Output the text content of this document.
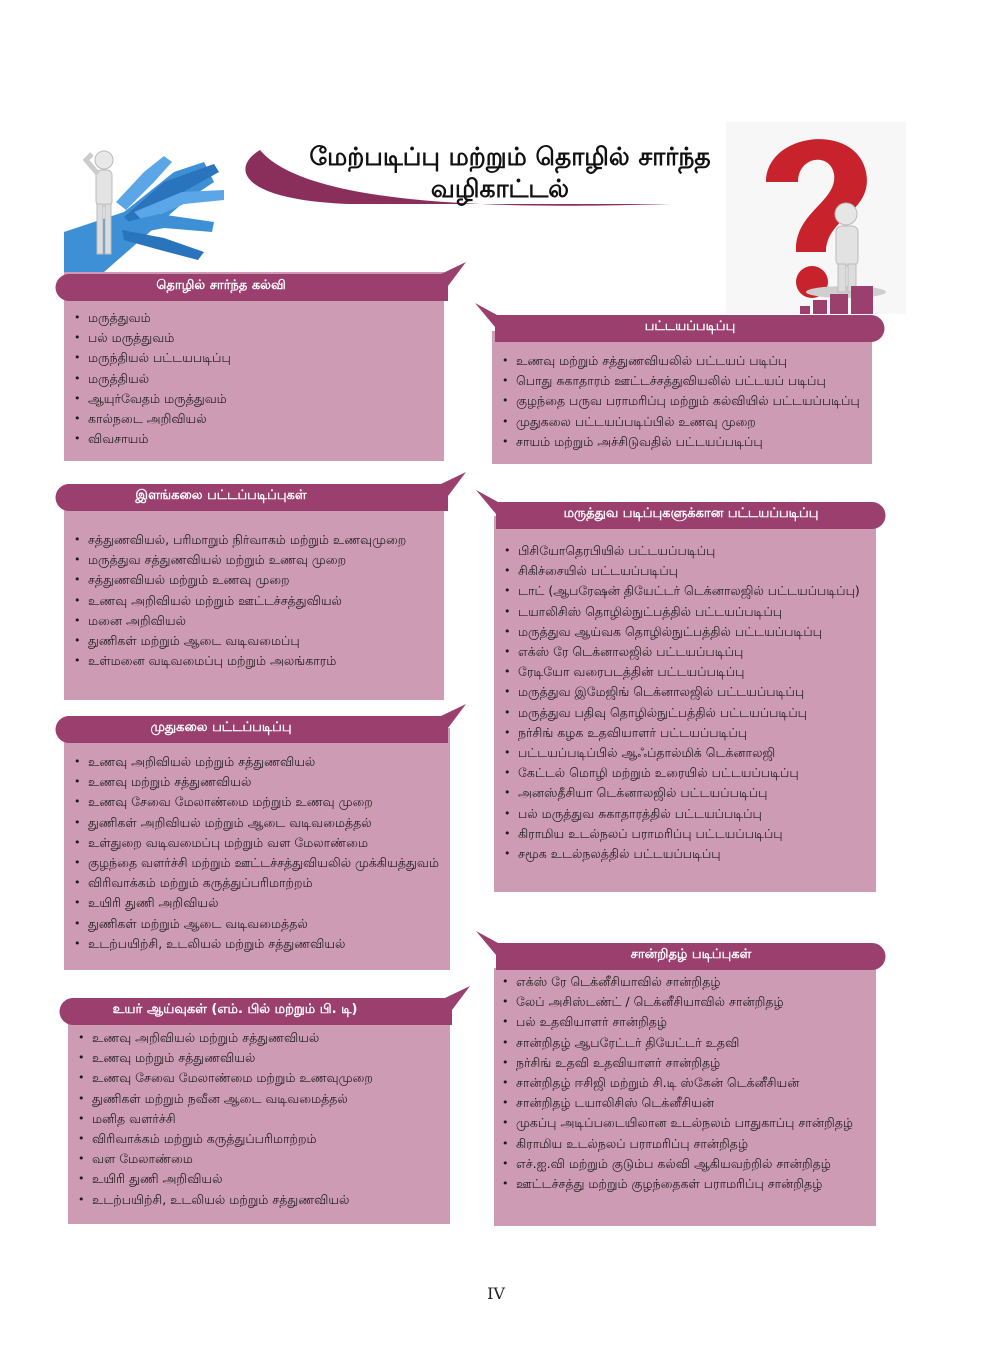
மேற்படிப்பு மற்றும் தொழில் சார்ந்த
வழிகாட்டல்
• மருத்துவம்
• பல் மருத்துவம்
• மருந்தியல் பட்டயபடிப்பு
• மருத்தியல்
• ஆயுர்வேதம் மருத்துவம்
• கால்நடை அறிவியல்
• விவசாயம்
தொழில் சார்ந்த கல்வி
• உணவு மற்றும் சத்துணவியலில் பட்டயப் படிப்பு
• பொது சுகாதாரம் ஊட்டச்சத்துவியலில் பட்டயப் படிப்பு
• குழந்தை பருவ பராமரிப்பு மற்றும் கல்வியில் பட்டயப்படிப்பு
• முதுகலை பட்டயப்படிப்பில் உணவு முறை
• சாயம் மற்றும் அச்சிடுவதில் பட்டயப்படிப்பு
பட்டயப்படிப்பு
• சத்துணவியல், பரிமாறும் நிர்வாகம் மற்றும் உணவுமுறை
• மருத்துவ சத்துணவியல் மற்றும் உணவு முறை
• சத்துணவியல் மற்றும் உணவு முறை
• உணவு அறிவியல் மற்றும் ஊட்டச்சத்துவியல்
• மனை அறிவியல்
• துணிகள் மற்றும் ஆடை வடிவமைப்பு
• உள்மனை வடிவமைப்பு மற்றும் அலங்காரம்
இளங்கலை பட்டப்படிப்புகள்
• பிசியோதெரபியில் பட்டயப்படிப்பு
• சிகிச்சையில் பட்டயப்படிப்பு
• டாட் (ஆபரேஷன் தியேட்டர் டெக்னாலஜில் பட்டயப்படிப்பு)
• டயாலிசிஸ் தொழில்நுட்பத்தில் பட்டயப்படிப்பு
• மருத்துவ ஆய்வக தொழில்நுட்பத்தில் பட்டயப்படிப்பு
• எக்ஸ் ரே டெக்னாலஜில் பட்டயப்படிப்பு
• ரேடியோ வரைபடத்தின் பட்டயப்படிப்பு
• மருத்துவ இமேஜிங் டெக்னாலஜில் பட்டயப்படிப்பு
• மருத்துவ பதிவு தொழில்நுட்பத்தில் பட்டயப்படிப்பு
• நர்சிங் கழக உதவியாளர் பட்டயப்படிப்பு
• பட்டயப்படிப்பில் ஆஃப்தால்மிக் டெக்னாலஜி
• கேட்டல் மொழி மற்றும் உரையில் பட்டயப்படிப்பு
• அனஸ்தீசியா டெக்னாலஜில் பட்டயப்படிப்பு
• பல் மருத்துவ சுகாதாரத்தில் பட்டயப்படிப்பு
• கிராமிய உடல்நலப் பராமரிப்பு பட்டயப்படிப்பு
• சமூக உடல்நலத்தில் பட்டயப்படிப்பு
மருத்துவ படிப்புகளுக்கான பட்டயப்படிப்பு
• உணவு அறிவியல் மற்றும் சத்துணவியல்
• உணவு மற்றும் சத்துணவியல்
• உணவு சேவை மேலாண்மை மற்றும் உணவு முறை
• துணிகள் அறிவியல் மற்றும் ஆடை வடிவமைத்தல்
• உள்துறை வடிவமைப்பு மற்றும் வள மேலாண்மை
• குழந்தை வளர்ச்சி மற்றும் ஊட்டச்சத்துவியலில் முக்கியத்துவம்
• விரிவாக்கம் மற்றும் கருத்துப்பரிமாற்றம்
• உயிரி துணி அறிவியல்
• துணிகள் மற்றும் ஆடை வடிவமைத்தல்
• உடற்பயிற்சி, உடலியல் மற்றும் சத்துணவியல்
முதுகலை பட்டப்படிப்பு
• எக்ஸ் ரே டெக்னீசியாவில் சான்றிதழ்
• லேப் அசிஸ்டண்ட் / டெக்னீசியாவில் சான்றிதழ்
• பல் உதவியாளர் சான்றிதழ்
• சான்றிதழ் ஆபரேட்டர் தியேட்டர் உதவி
• நர்சிங் உதவி உதவியாளர் சான்றிதழ்
• சான்றிதழ் ஈசிஜி மற்றும் சி.டி ஸ்கேன் டெக்னீசியன்
• சான்றிதழ் டயாலிசிஸ் டெக்னீசியன்
• முகப்பு அடிப்படையிலான உடல்நலம் பாதுகாப்பு சான்றிதழ்
• கிராமிய உடல்நலப் பராமரிப்பு சான்றிதழ்
• எச்.ஐ.வி மற்றும் குடும்ப கல்வி ஆகியவற்றில் சான்றிதழ்
• ஊட்டச்சத்து மற்றும் குழந்தைகள் பராமரிப்பு சான்றிதழ்
சான்றிதழ் படிப்புகள்
• உணவு அறிவியல் மற்றும் சத்துணவியல்
• உணவு மற்றும் சத்துணவியல்
• உணவு சேவை மேலாண்மை மற்றும் உணவுமுறை
• துணிகள் மற்றும் நவீன ஆடை வடிவமைத்தல்
• மனித வளர்ச்சி
• விரிவாக்கம் மற்றும் கருத்துப்பரிமாற்றம்
• வள மேலாண்மை
• உயிரி துணி அறிவியல்
• உடற்பயிற்சி, உடலியல் மற்றும் சத்துணவியல்
உயர் ஆய்வுகள் (எம். பில் மற்றும் பி. டி)
IV
